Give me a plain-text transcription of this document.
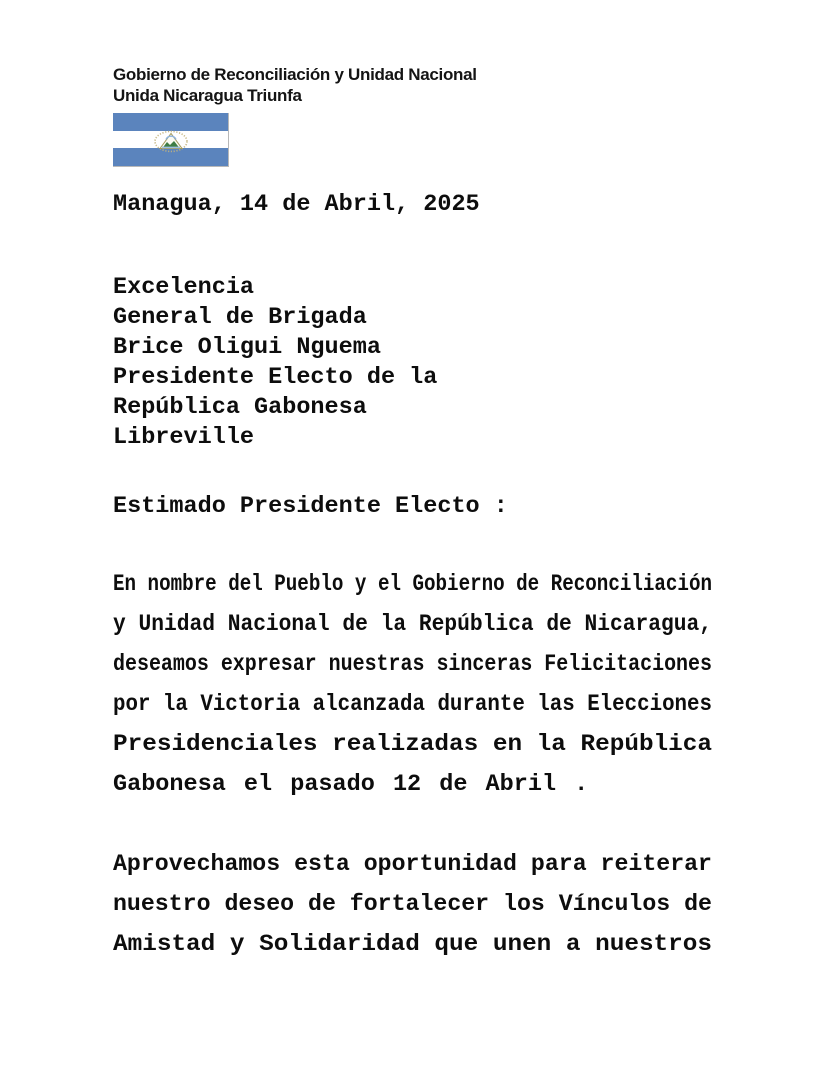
Gobierno de Reconciliación y Unidad Nacional
Unida Nicaragua Triunfa
Managua, 14 de Abril, 2025
Excelencia
General de Brigada
Brice Oligui Nguema
Presidente Electo de la
República Gabonesa
Libreville
Estimado Presidente Electo :
En nombre del Pueblo y el Gobierno de Reconciliación
y Unidad Nacional de la República de Nicaragua,
deseamos expresar nuestras sinceras Felicitaciones
por la Victoria alcanzada durante las Elecciones
Presidenciales realizadas en la República
Gabonesa el pasado 12 de Abril .
Aprovechamos esta oportunidad para reiterar
nuestro deseo de fortalecer los Vínculos de
Amistad y Solidaridad que unen a nuestros
